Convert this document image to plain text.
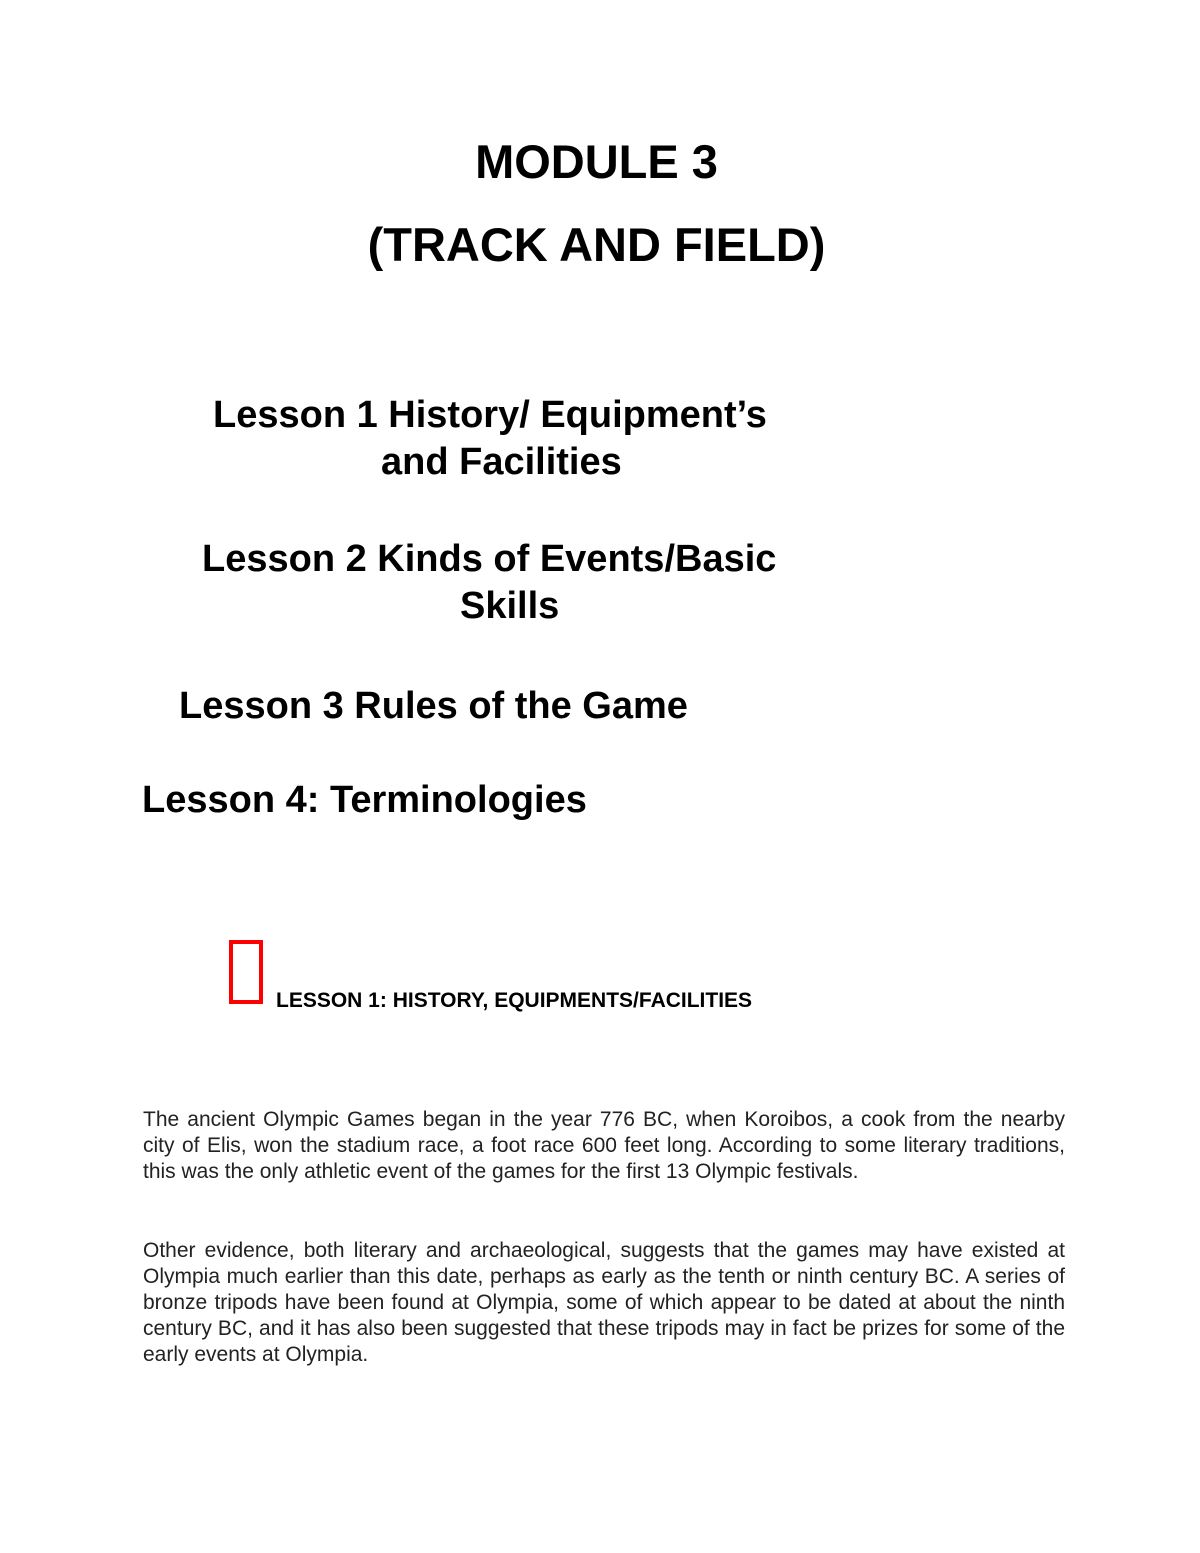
MODULE 3
(TRACK AND FIELD)
Lesson 1 History/ Equipment’s
and Facilities
Lesson 2 Kinds of Events/Basic
Skills
Lesson 3 Rules of the Game
Lesson 4: Terminologies
LESSON 1: HISTORY, EQUIPMENTS/FACILITIES

The ancient Olympic Games began in the year 776 BC, when Koroibos, a cook from the nearby city of Elis, won the stadium race, a foot race 600 feet long. According to some literary traditions, this was the only athletic event of the games for the first 13 Olympic festivals.

Other evidence, both literary and archaeological, suggests that the games may have existed at Olympia much earlier than this date, perhaps as early as the tenth or ninth century BC. A series of bronze tripods have been found at Olympia, some of which appear to be dated at about the ninth century BC, and it has also been suggested that these tripods may in fact be prizes for some of the early events at Olympia.
